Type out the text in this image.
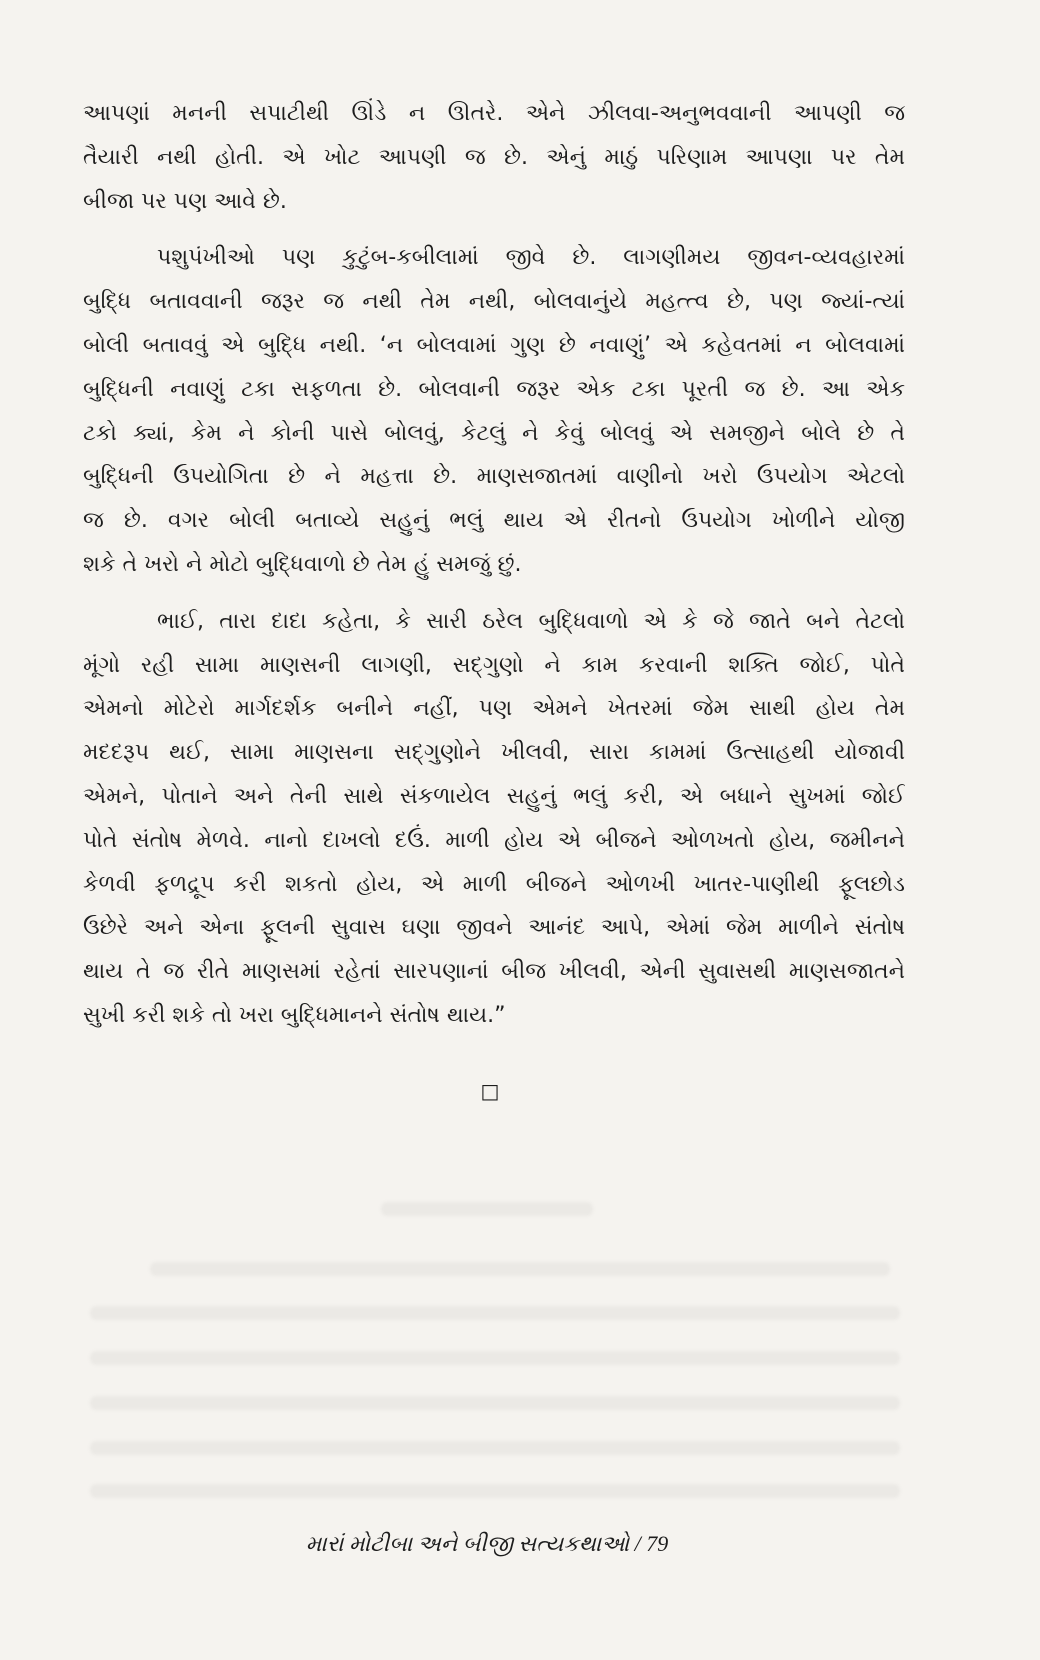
આપણાં મનની સપાટીથી ઊંડે ન ઊતરે. એને ઝીલવા-અનુભવવાની આપણી જ
તૈયારી નથી હોતી. એ ખોટ આપણી જ છે. એનું માઠું પરિણામ આપણા પર તેમ
બીજા પર પણ આવે છે.
પશુપંખીઓ પણ કુટુંબ-કબીલામાં જીવે છે. લાગણીમય જીવન-વ્યવહારમાં
બુદ્ધિ બતાવવાની જરૂર જ નથી તેમ નથી, બોલવાનુંયે મહત્ત્વ છે, પણ જ્યાં-ત્યાં
બોલી બતાવવું એ બુદ્ધિ નથી. ‘ન બોલવામાં ગુણ છે નવાણું’ એ કહેવતમાં ન બોલવામાં
બુદ્ધિની નવાણું ટકા સફળતા છે. બોલવાની જરૂર એક ટકા પૂરતી જ છે. આ એક
ટકો ક્યાં, કેમ ને કોની પાસે બોલવું, કેટલું ને કેવું બોલવું એ સમજીને બોલે છે તે
બુદ્ધિની ઉપયોગિતા છે ને મહત્તા છે. માણસજાતમાં વાણીનો ખરો ઉપયોગ એટલો
જ છે. વગર બોલી બતાવ્યે સહુનું ભલું થાય એ રીતનો ઉપયોગ ખોળીને યોજી
શકે તે ખરો ને મોટો બુદ્ધિવાળો છે તેમ હું સમજું છું.
ભાઈ, તારા દાદા કહેતા, કે સારી ઠરેલ બુદ્ધિવાળો એ કે જે જાતે બને તેટલો
મૂંગો રહી સામા માણસની લાગણી, સદ્‌ગુણો ને કામ કરવાની શક્તિ જોઈ, પોતે
એમનો મોટેરો માર્ગદર્શક બનીને નહીં, પણ એમને ખેતરમાં જેમ સાથી હોય તેમ
મદદરૂપ થઈ, સામા માણસના સદ્‌ગુણોને ખીલવી, સારા કામમાં ઉત્સાહથી યોજાવી
એમને, પોતાને અને તેની સાથે સંકળાયેલ સહુનું ભલું કરી, એ બધાને સુખમાં જોઈ
પોતે સંતોષ મેળવે. નાનો દાખલો દઉં. માળી હોય એ બીજને ઓળખતો હોય, જમીનને
કેળવી ફળદ્રૂપ કરી શકતો હોય, એ માળી બીજને ઓળખી ખાતર-પાણીથી ફૂલછોડ
ઉછેરે અને એના ફૂલની સુવાસ ઘણા જીવને આનંદ આપે, એમાં જેમ માળીને સંતોષ
થાય તે જ રીતે માણસમાં રહેતાં સારપણાનાં બીજ ખીલવી, એની સુવાસથી માણસજાતને
સુખી કરી શકે તો ખરા બુદ્ધિમાનને સંતોષ થાય.”
□
મારાં મોટીબા અને બીજી સત્યકથાઓ / 79
